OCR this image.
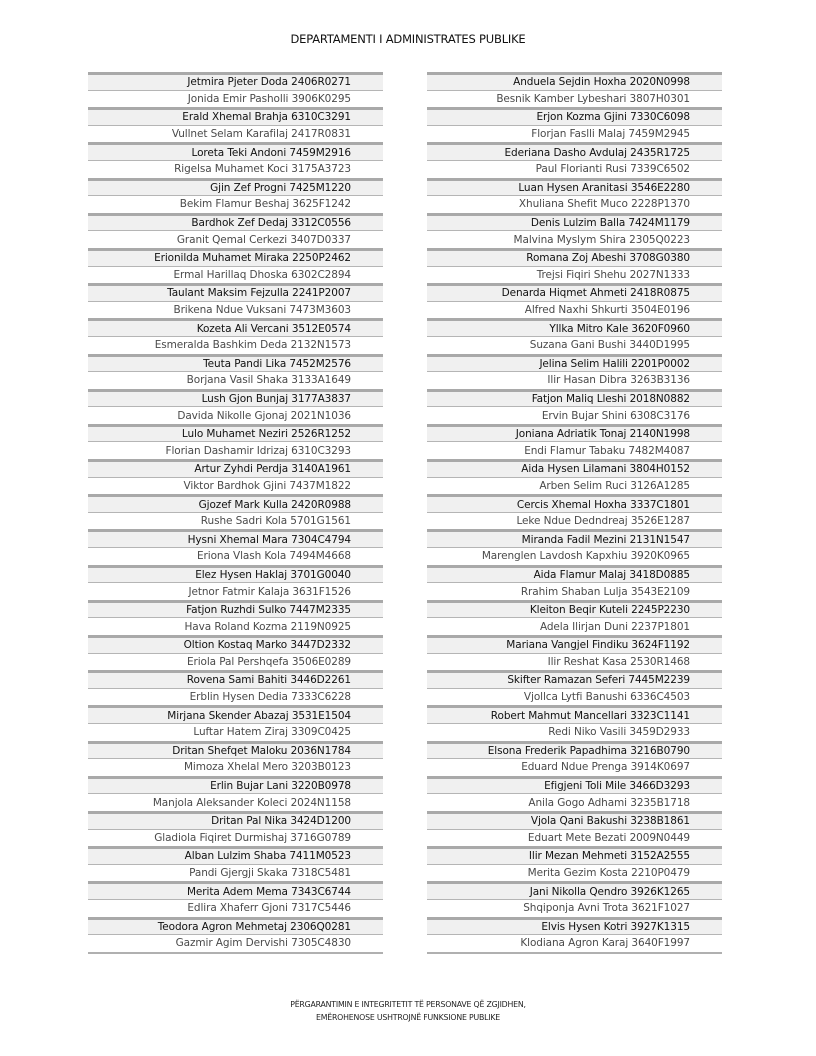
DEPARTAMENTI I ADMINISTRATES PUBLIKE
Jetmira Pjeter Doda 2406R0271
Jonida Emir Pasholli 3906K0295
Erald Xhemal Brahja 6310C3291
Vullnet Selam Karafilaj 2417R0831
Loreta Teki Andoni 7459M2916
Rigelsa Muhamet Koci 3175A3723
Gjin Zef Progni 7425M1220
Bekim Flamur Beshaj 3625F1242
Bardhok Zef Dedaj 3312C0556
Granit Qemal Cerkezi 3407D0337
Erionilda Muhamet Miraka 2250P2462
Ermal Harillaq Dhoska 6302C2894
Taulant Maksim Fejzulla 2241P2007
Brikena Ndue Vuksani 7473M3603
Kozeta Ali Vercani 3512E0574
Esmeralda Bashkim Deda 2132N1573
Teuta Pandi Lika 7452M2576
Borjana Vasil Shaka 3133A1649
Lush Gjon Bunjaj 3177A3837
Davida Nikolle Gjonaj 2021N1036
Lulo Muhamet Neziri 2526R1252
Florian Dashamir Idrizaj 6310C3293
Artur Zyhdi Perdja 3140A1961
Viktor Bardhok Gjini 7437M1822
Gjozef Mark Kulla 2420R0988
Rushe Sadri Kola 5701G1561
Hysni Xhemal Mara 7304C4794
Eriona Vlash Kola 7494M4668
Elez Hysen Haklaj 3701G0040
Jetnor Fatmir Kalaja 3631F1526
Fatjon Ruzhdi Sulko 7447M2335
Hava Roland Kozma 2119N0925
Oltion Kostaq Marko 3447D2332
Eriola Pal Pershqefa 3506E0289
Rovena Sami Bahiti 3446D2261
Erblin Hysen Dedia 7333C6228
Mirjana Skender Abazaj 3531E1504
Luftar Hatem Ziraj 3309C0425
Dritan Shefqet Maloku 2036N1784
Mimoza Xhelal Mero 3203B0123
Erlin Bujar Lani 3220B0978
Manjola Aleksander Koleci 2024N1158
Dritan Pal Nika 3424D1200
Gladiola Fiqiret Durmishaj 3716G0789
Alban Lulzim Shaba 7411M0523
Pandi Gjergji Skaka 7318C5481
Merita Adem Mema 7343C6744
Edlira Xhaferr Gjoni 7317C5446
Teodora Agron Mehmetaj 2306Q0281
Gazmir Agim Dervishi 7305C4830
Anduela Sejdin Hoxha 2020N0998
Besnik Kamber Lybeshari 3807H0301
Erjon Kozma Gjini 7330C6098
Florjan Faslli Malaj 7459M2945
Ederiana Dasho Avdulaj 2435R1725
Paul Florianti Rusi 7339C6502
Luan Hysen Aranitasi 3546E2280
Xhuliana Shefit Muco 2228P1370
Denis Lulzim Balla 7424M1179
Malvina Myslym Shira 2305Q0223
Romana Zoj Abeshi 3708G0380
Trejsi Fiqiri Shehu 2027N1333
Denarda Hiqmet Ahmeti 2418R0875
Alfred Naxhi Shkurti 3504E0196
Yllka Mitro Kale 3620F0960
Suzana Gani Bushi 3440D1995
Jelina Selim Halili 2201P0002
Ilir Hasan Dibra 3263B3136
Fatjon Maliq Lleshi 2018N0882
Ervin Bujar Shini 6308C3176
Joniana Adriatik Tonaj 2140N1998
Endi Flamur Tabaku 7482M4087
Aida Hysen Lilamani 3804H0152
Arben Selim Ruci 3126A1285
Cercis Xhemal Hoxha 3337C1801
Leke Ndue Dedndreaj 3526E1287
Miranda Fadil Mezini 2131N1547
Marenglen Lavdosh Kapxhiu 3920K0965
Aida Flamur Malaj 3418D0885
Rrahim Shaban Lulja 3543E2109
Kleiton Beqir Kuteli 2245P2230
Adela Ilirjan Duni 2237P1801
Mariana Vangjel Findiku 3624F1192
Ilir Reshat Kasa 2530R1468
Skifter Ramazan Seferi 7445M2239
Vjollca Lytfi Banushi 6336C4503
Robert Mahmut Mancellari 3323C1141
Redi Niko Vasili 3459D2933
Elsona Frederik Papadhima 3216B0790
Eduard Ndue Prenga 3914K0697
Efigjeni Toli Mile 3466D3293
Anila Gogo Adhami 3235B1718
Vjola Qani Bakushi 3238B1861
Eduart Mete Bezati 2009N0449
Ilir Mezan Mehmeti 3152A2555
Merita Gezim Kosta 2210P0479
Jani Nikolla Qendro 3926K1265
Shqiponja Avni Trota 3621F1027
Elvis Hysen Kotri 3927K1315
Klodiana Agron Karaj 3640F1997
PËRGARANTIMIN E INTEGRITETIT TË PERSONAVE QË ZGJIDHEN,
EMËROHENOSE USHTROJNË FUNKSIONE PUBLIKE
